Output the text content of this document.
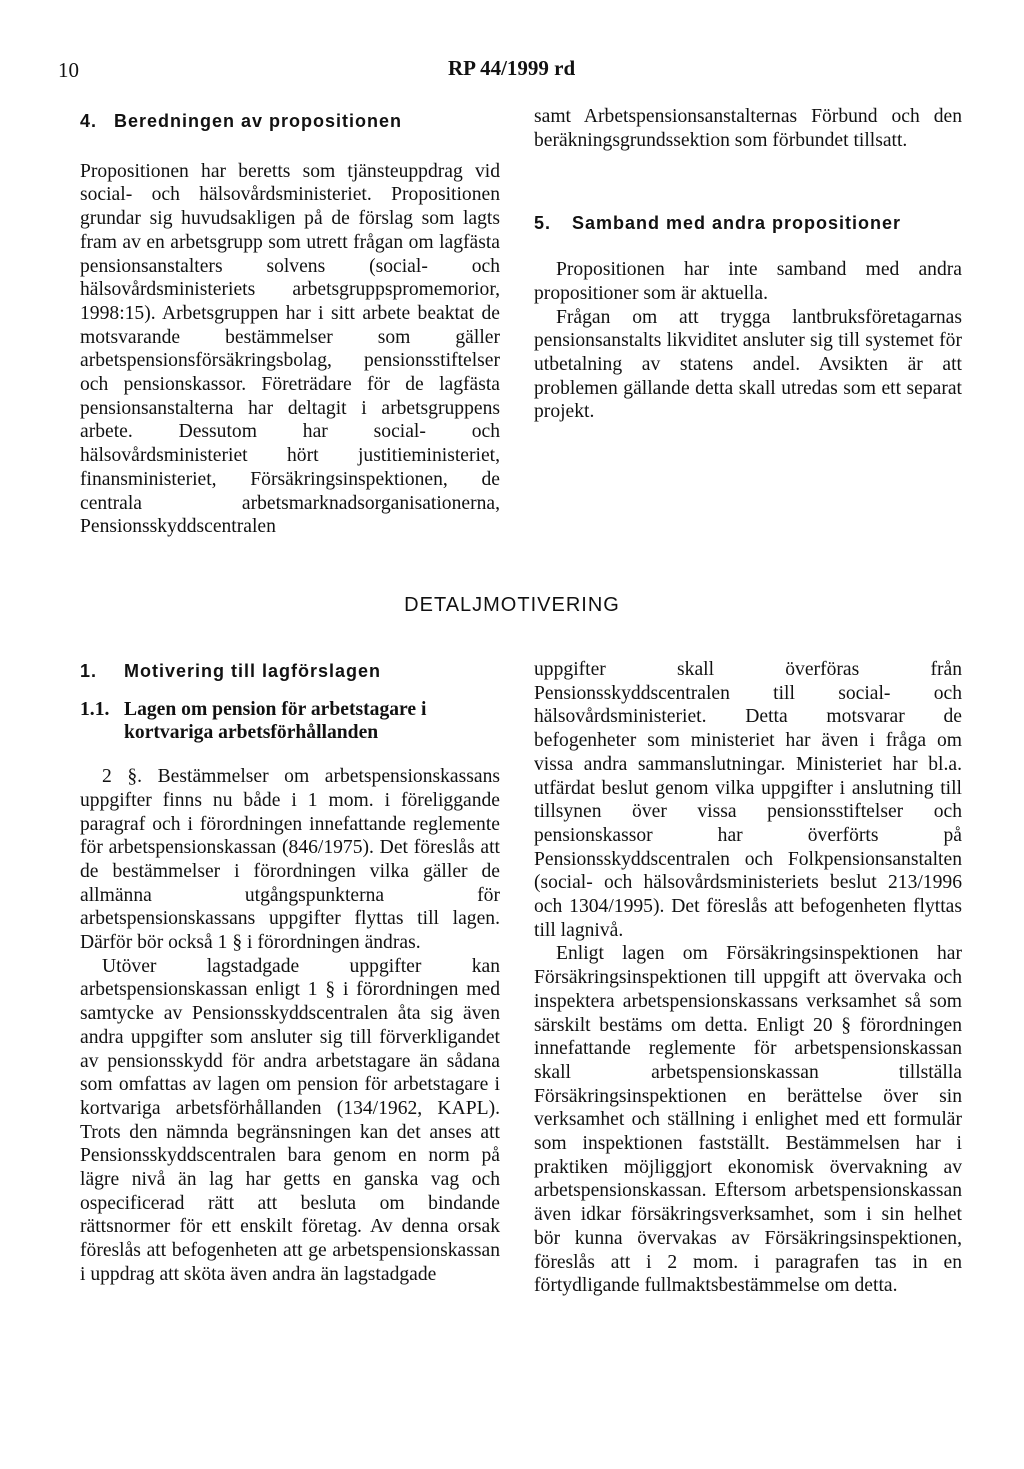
10	RP 44/1999 rd
4. Beredningen av propositionen

Propositionen har beretts som tjänsteuppdrag vid social- och hälsovårdsministeriet. Propositionen grundar sig huvudsakligen på de förslag som lagts fram av en arbetsgrupp som utrett frågan om lagfästa pensionsanstalters solvens (social- och hälsovårdsministeriets arbetsgruppspromemorior, 1998:15). Arbetsgruppen har i sitt arbete beaktat de motsvarande bestämmelser som gäller arbetspensionsförsäkringsbolag, pensionsstiftelser och pensionskassor. Företrädare för de lagfästa pensionsanstalterna har deltagit i arbetsgruppens arbete. Dessutom har social- och hälsovårdsministeriet hört justitieministeriet, finansministeriet, Försäkringsinspektionen, de centrala arbetsmarknadsorganisationerna, Pensionsskyddscentralen

samt Arbetspensionsanstalternas Förbund och den beräkningsgrundssektion som förbundet tillsatt.

5. Samband med andra propositioner

Propositionen har inte samband med andra propositioner som är aktuella.

Frågan om att trygga lantbruksföretagarnas pensionsanstalts likviditet ansluter sig till systemet för utbetalning av statens andel. Avsikten är att problemen gällande detta skall utredas som ett separat projekt.

DETALJMOTIVERING
1. Motivering till lagförslagen
1.1. Lagen om pension för arbetstagare i kortvariga arbetsförhållanden

2 §. Bestämmelser om arbetspensionskassans uppgifter finns nu både i 1 mom. i föreliggande paragraf och i förordningen innefattande reglemente för arbetspensionskassan (846/1975). Det föreslås att de bestämmelser i förordningen vilka gäller de allmänna utgångspunkterna för arbetspensionskassans uppgifter flyttas till lagen. Därför bör också 1 § i förordningen ändras.

Utöver lagstadgade uppgifter kan arbetspensionskassan enligt 1 § i förordningen med samtycke av Pensionsskyddscentralen åta sig även andra uppgifter som ansluter sig till förverkligandet av pensionsskydd för andra arbetstagare än sådana som omfattas av lagen om pension för arbetstagare i kortvariga arbetsförhållanden (134/1962, KAPL). Trots den nämnda begränsningen kan det anses att Pensionsskyddscentralen bara genom en norm på lägre nivå än lag har getts en ganska vag och ospecificerad rätt att besluta om bindande rättsnormer för ett enskilt företag. Av denna orsak föreslås att befogenheten att ge arbetspensionskassan i uppdrag att sköta även andra än lagstadgade

uppgifter skall överföras från Pensionsskyddscentralen till social- och hälsovårdsministeriet. Detta motsvarar de befogenheter som ministeriet har även i fråga om vissa andra sammanslutningar. Ministeriet har bl.a. utfärdat beslut genom vilka uppgifter i anslutning till tillsynen över vissa pensionsstiftelser och pensionskassor har överförts på Pensionsskyddscentralen och Folkpensionsanstalten (social- och hälsovårdsministeriets beslut 213/1996 och 1304/1995). Det föreslås att befogenheten flyttas till lagnivå.

Enligt lagen om Försäkringsinspektionen har Försäkringsinspektionen till uppgift att övervaka och inspektera arbetspensionskassans verksamhet så som särskilt bestäms om detta. Enligt 20 § förordningen innefattande reglemente för arbetspensionskassan skall arbetspensionskassan tillställa Försäkringsinspektionen en berättelse över sin verksamhet och ställning i enlighet med ett formulär som inspektionen fastställt. Bestämmelsen har i praktiken möjliggjort ekonomisk övervakning av arbetspensionskassan. Eftersom arbetspensionskassan även idkar försäkringsverksamhet, som i sin helhet bör kunna övervakas av Försäkringsinspektionen, föreslås att i 2 mom. i paragrafen tas in en förtydligande fullmaktsbestämmelse om detta.
